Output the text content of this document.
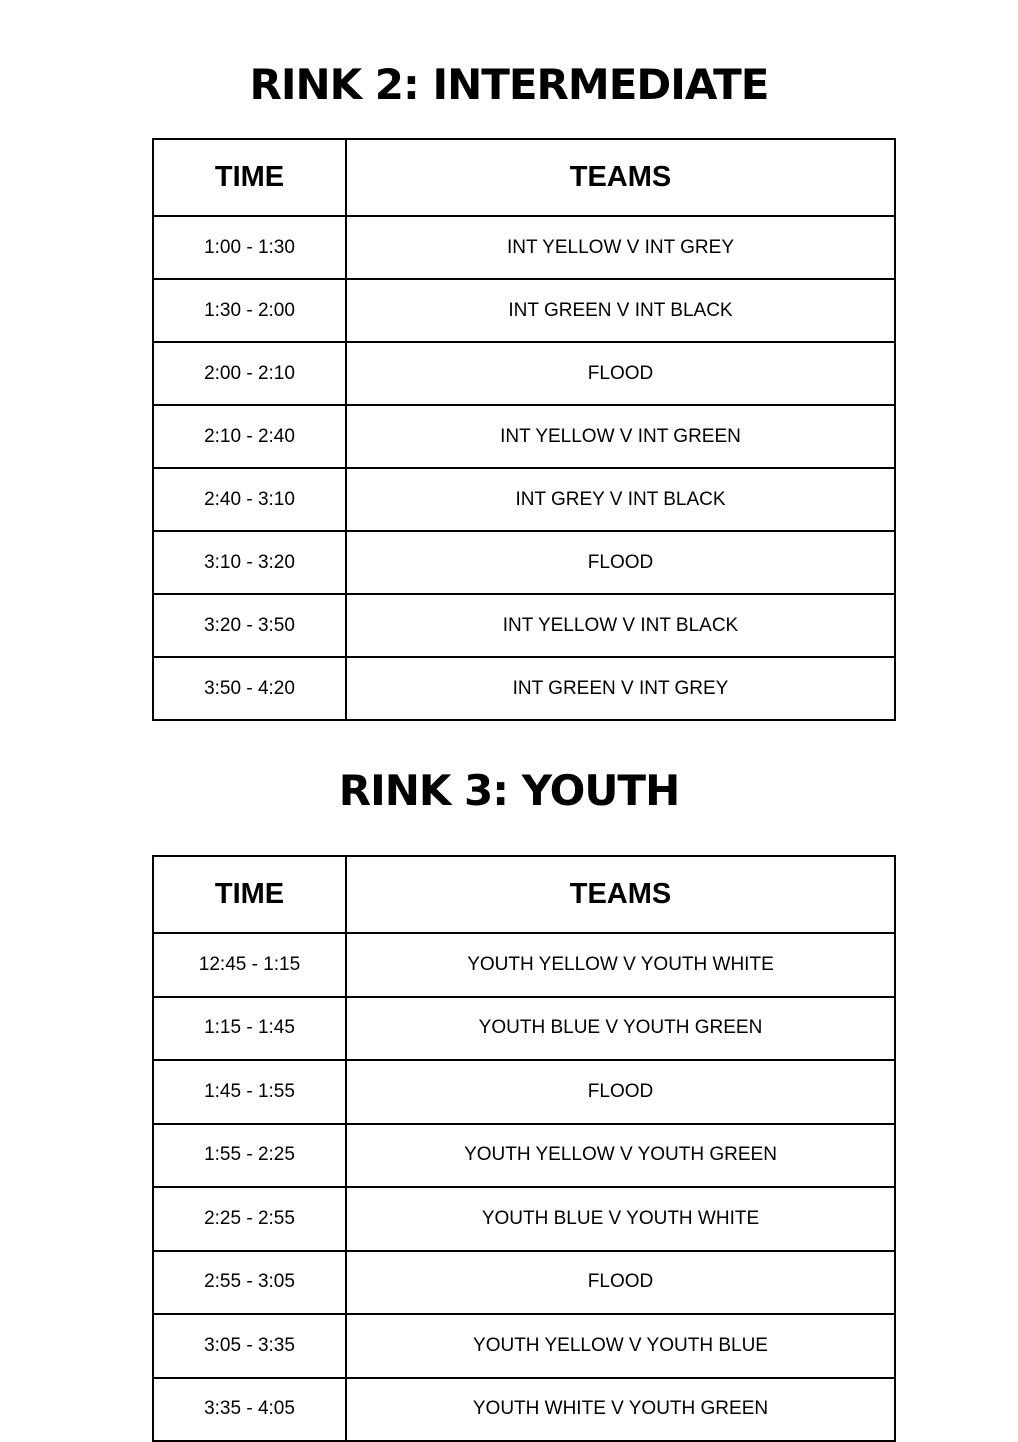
RINK 2: INTERMEDIATE
TIME	TEAMS
1:00 - 1:30	INT YELLOW V INT GREY
1:30 - 2:00	INT GREEN V INT BLACK
2:00 - 2:10	FLOOD
2:10 - 2:40	INT YELLOW V INT GREEN
2:40 - 3:10	INT GREY V INT BLACK
3:10 - 3:20	FLOOD
3:20 - 3:50	INT YELLOW V INT BLACK
3:50 - 4:20	INT GREEN V INT GREY
RINK 3: YOUTH
TIME	TEAMS
12:45 - 1:15	YOUTH YELLOW V YOUTH WHITE
1:15 - 1:45	YOUTH BLUE V YOUTH GREEN
1:45 - 1:55	FLOOD
1:55 - 2:25	YOUTH YELLOW V YOUTH GREEN
2:25 - 2:55	YOUTH BLUE V YOUTH WHITE
2:55 - 3:05	FLOOD
3:05 - 3:35	YOUTH YELLOW V YOUTH BLUE
3:35 - 4:05	YOUTH WHITE V YOUTH GREEN
